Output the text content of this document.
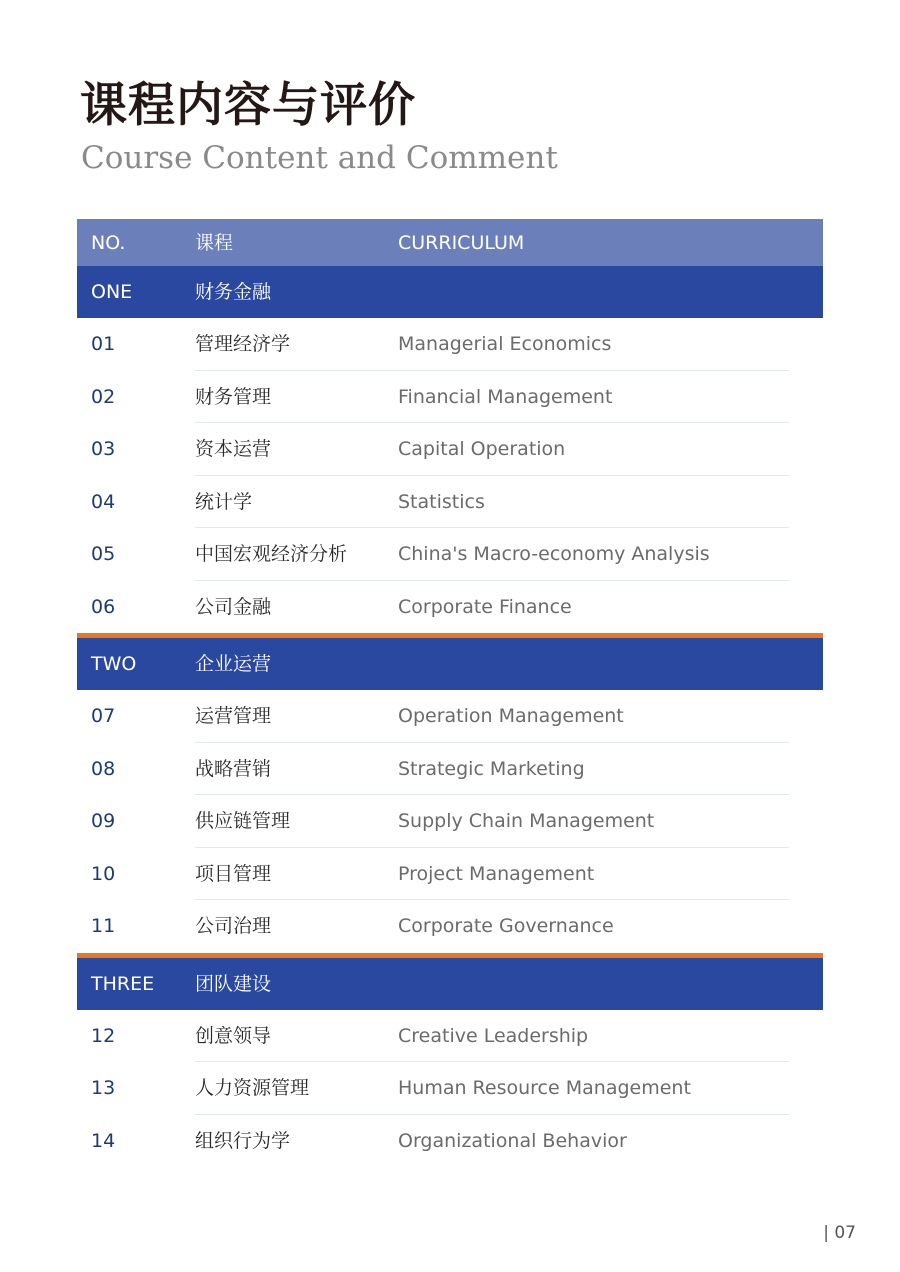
课程内容与评价
Course Content and Comment
NO.	课程	CURRICULUM
ONE	财务金融
01	管理经济学	Managerial Economics
02	财务管理	Financial Management
03	资本运营	Capital Operation
04	统计学	Statistics
05	中国宏观经济分析	China's Macro-economy Analysis
06	公司金融	Corporate Finance
TWO	企业运营
07	运营管理	Operation Management
08	战略营销	Strategic Marketing
09	供应链管理	Supply Chain Management
10	项目管理	Project Management
11	公司治理	Corporate Governance
THREE 团队建设
12	创意领导	Creative Leadership
13	人力资源管理	Human Resource Management
14	组织行为学	Organizational Behavior
| 07
